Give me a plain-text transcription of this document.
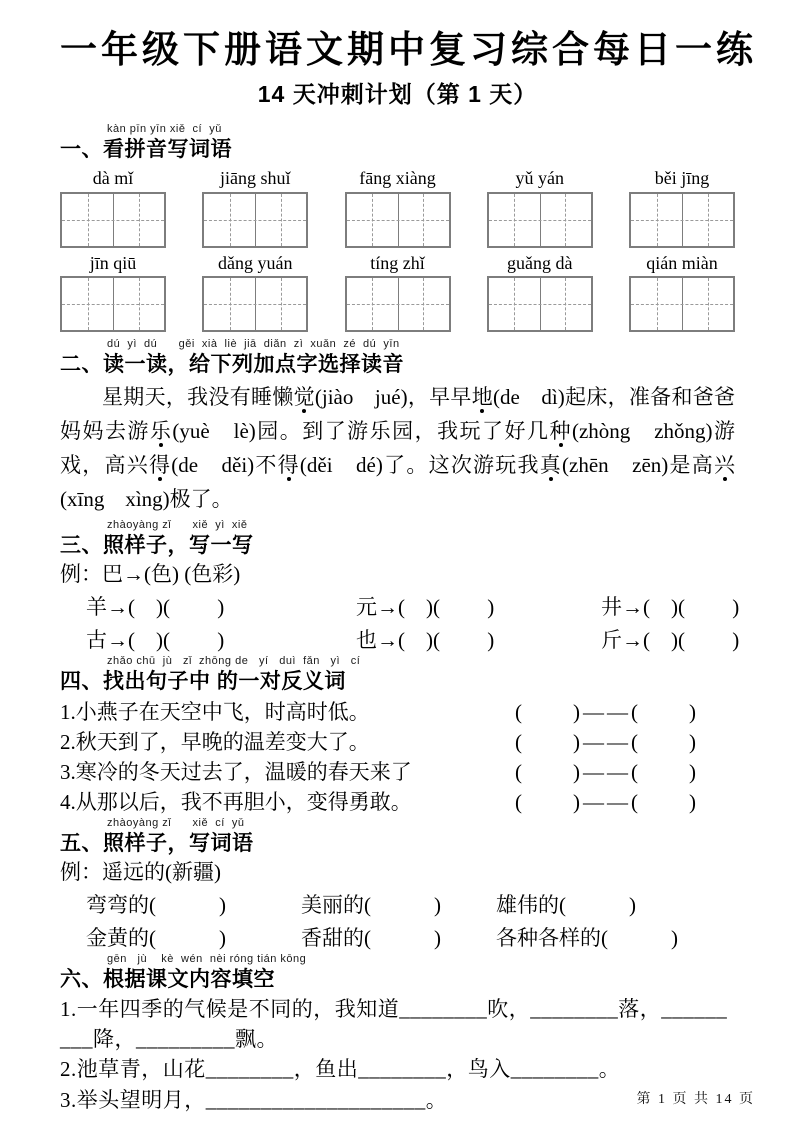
一年级下册语文期中复习综合每日一练
14 天冲刺计划（第 1 天）
kàn pīn yīn xiě  cí  yǔ
一、看拼音写词语
dà mǐ	jiāng shuǐ	fāng xiàng	yǔ yán	běi jīng
jīn qiū	dǎng yuán	tíng zhǐ	guǎng dà	qián miàn
dú  yì  dú      gěi  xià  liè  jiā  diǎn  zì  xuǎn  zé  dú  yīn
二、读一读，给下列加点字选择读音
星期天，我没有睡懒觉(jiào　jué)，早早地(de　dì)起床，准备和爸爸妈妈去游乐(yuè　lè)园。到了游乐园，我玩了好几种(zhòng　zhǒng)游戏，高兴得(de　děi)不得(děi　dé)了。这次游玩我真(zhēn　zēn)是高兴(xīng　xìng)极了。
zhàoyàng zǐ      xiě  yì  xiě
三、照样子，写一写
例：巴→(色) (色彩)
羊→(　)(　　 )	元→(　)(　　 )	井→(　)(　　 )
古→(　)(　　 )	也→(　)(　　 )	斤→(　)(　　 )
zhǎo chū  jù   zǐ  zhōng de   yí   duì  fǎn   yì   cí
四、找出句子中 的一对反义词
1.小燕子在天空中飞，时高时低。	(　　)——(　　)
2.秋天到了，早晚的温差变大了。	(　　)——(　　)
3.寒冷的冬天过去了，温暖的春天来了	(　　)——(　　)
4.从那以后，我不再胆小，变得勇敢。	(　　)——(　　)
zhàoyàng zǐ      xiě  cí  yǔ
五、照样子，写词语
例：遥远的(新疆)
弯弯的(　　　)	美丽的(　　　)	雄伟的(　　　)
金黄的(　　　)	香甜的(　　　)	各种各样的(　　　)
gēn   jù    kè  wén  nèi róng tián kōng
六、根据课文内容填空
1.一年四季的气候是不同的，我知道________吹，________落，______
___降，_________飘。
2.池草青，山花________，鱼出________，鸟入________。
3.举头望明月，____________________。	第 1 页 共 14 页
